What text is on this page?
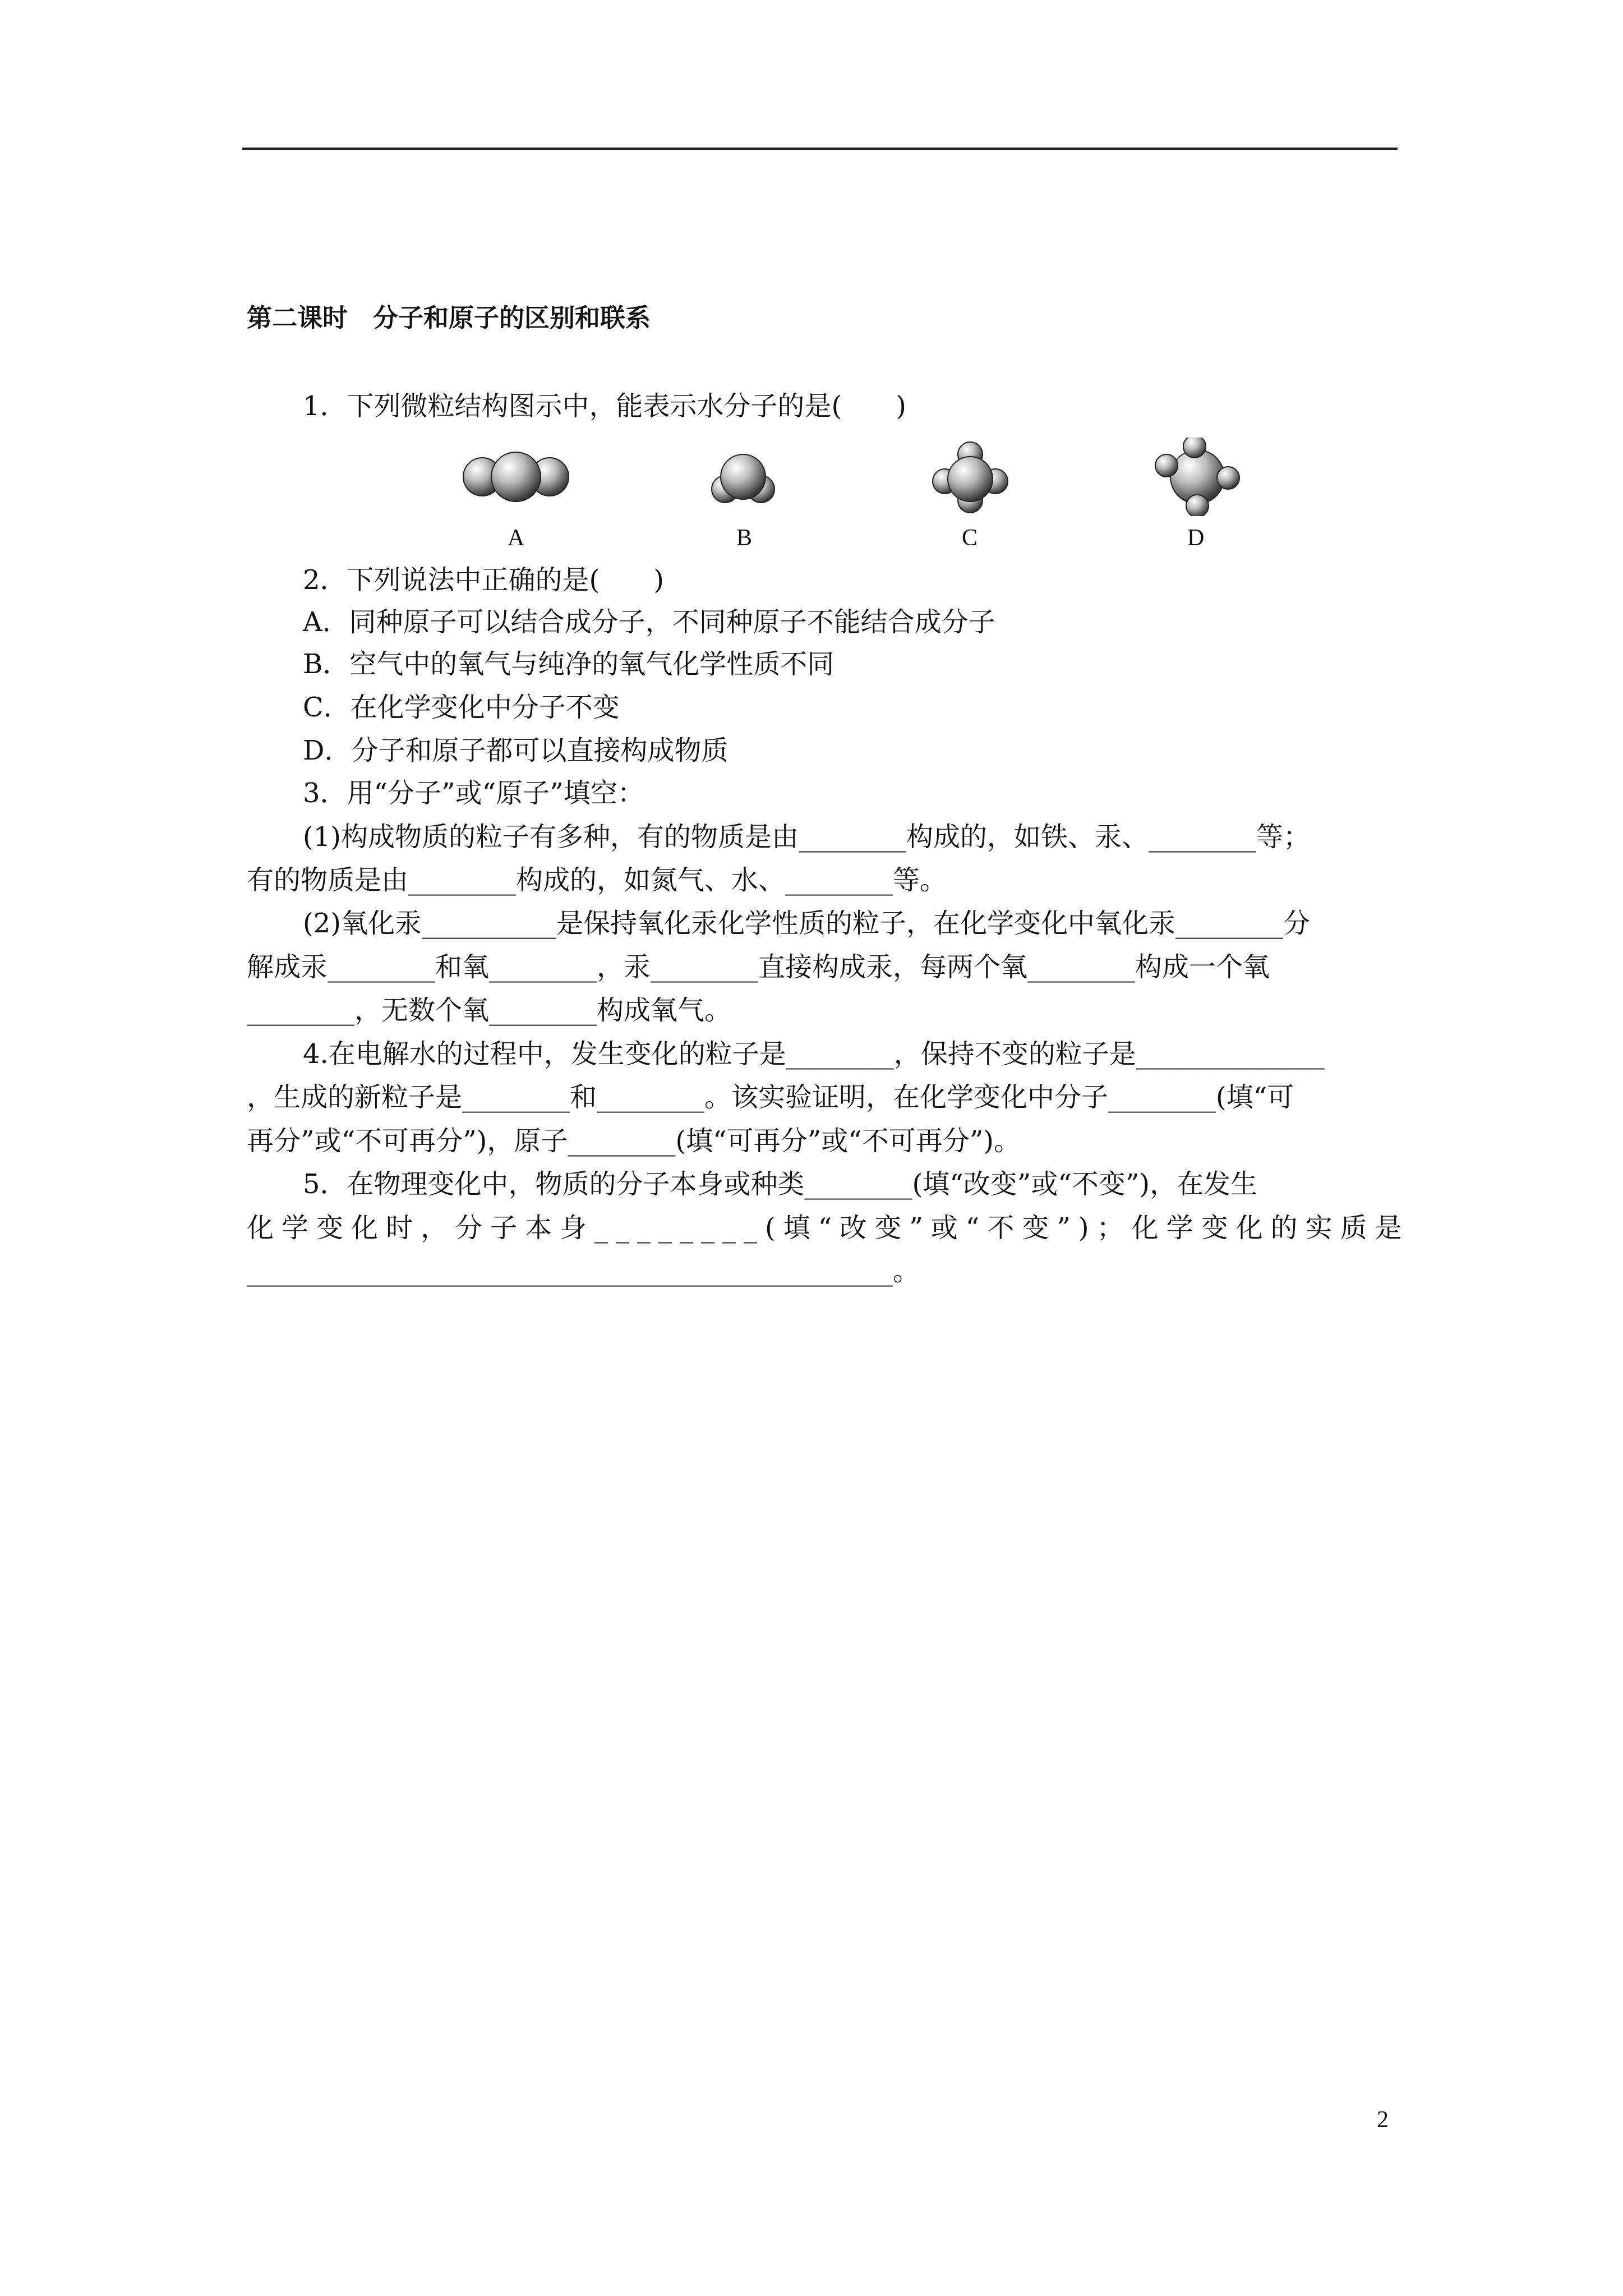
第二课时　分子和原子的区别和联系
1．下列微粒结构图示中，能表示水分子的是(　　)
A	B	C	D
2．下列说法中正确的是(　　)
A．同种原子可以结合成分子，不同种原子不能结合成分子
B．空气中的氧气与纯净的氧气化学性质不同
C．在化学变化中分子不变
D．分子和原子都可以直接构成物质
3．用“分子”或“原子”填空：
(1)构成物质的粒子有多种，有的物质是由________构成的，如铁、汞、________等；
有的物质是由________构成的，如氮气、水、________等。
(2)氧化汞__________是保持氧化汞化学性质的粒子，在化学变化中氧化汞________分
解成汞________和氧________，汞________直接构成汞，每两个氧________构成一个氧
________，无数个氧________构成氧气。
4.在电解水的过程中，发生变化的粒子是________，保持不变的粒子是______________
，生成的新粒子是________和________。该实验证明，在化学变化中分子________(填“可
再分”或“不可再分”)，原子________(填“可再分”或“不可再分”)。
5．在物理变化中，物质的分子本身或种类________(填“改变”或“不变”)，在发生
化学变化时，分子本身________(填“改变”或“不变”)；化学变化的实质是
________________________________________________。
2
